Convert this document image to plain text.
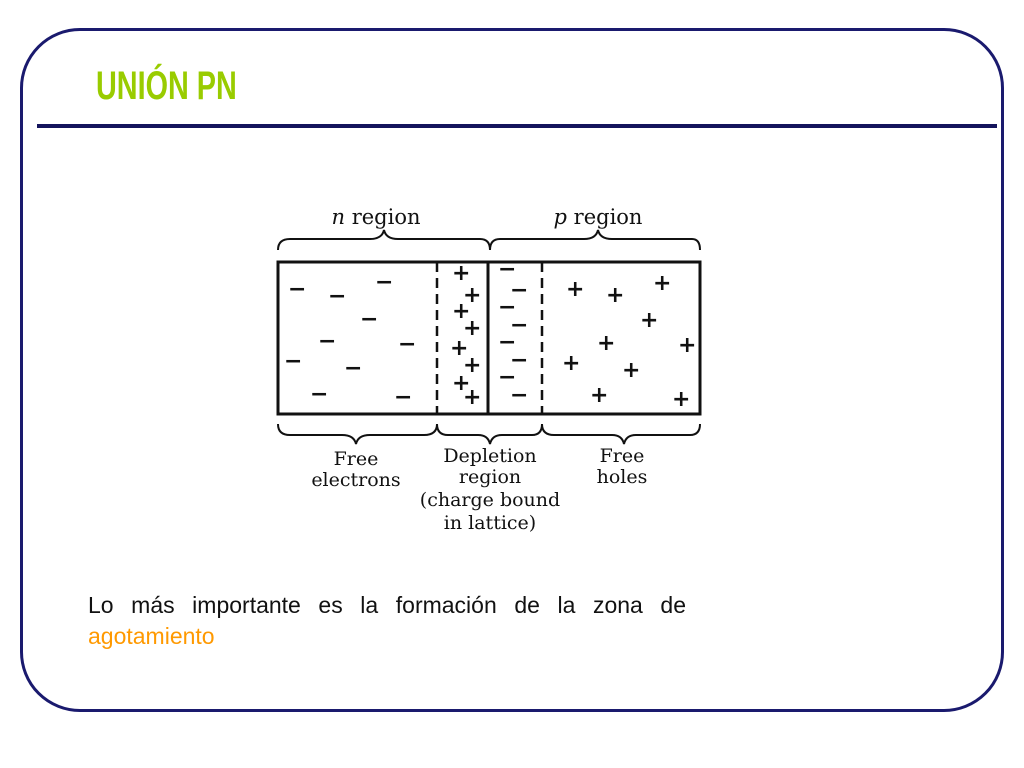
UNIÓN PN
n region	p region
− −
−
−
−	−
− −
−	−
+
+
+
+
+
+
+
+
−
−
−
−
−
−
−
−
+ + +
+
+	+
+ +
+	+
Free
electrons
Depletion
region
(charge bound
in lattice)
Free
holes
Lo más importante es la formación de la zona de agotamiento
